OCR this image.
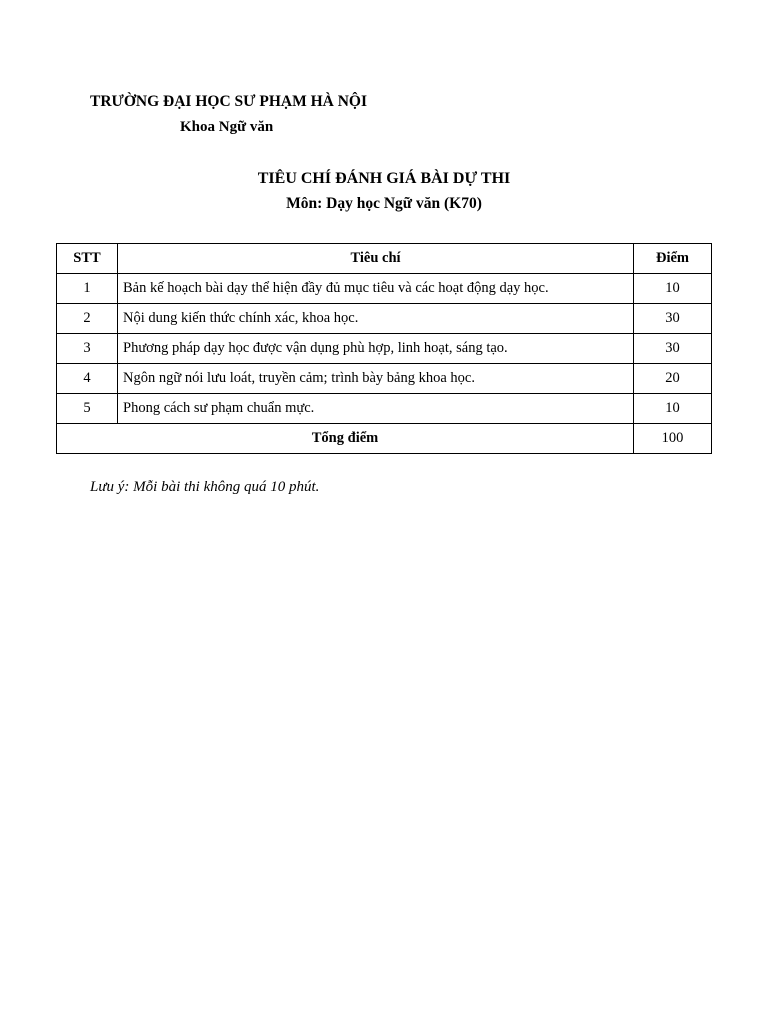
TRƯỜNG ĐẠI HỌC SƯ PHẠM HÀ NỘI
Khoa Ngữ văn
TIÊU CHÍ ĐÁNH GIÁ BÀI DỰ THI
Môn: Dạy học Ngữ văn (K70)
STT	Tiêu chí	Điểm
1	Bản kế hoạch bài dạy thể hiện đầy đủ mục tiêu và các hoạt động dạy học.	10
2	Nội dung kiến thức chính xác, khoa học.	30
3	Phương pháp dạy học được vận dụng phù hợp, linh hoạt, sáng tạo.	30
4	Ngôn ngữ nói lưu loát, truyền cảm; trình bày bảng khoa học.	20
5	Phong cách sư phạm chuẩn mực.	10
Tổng điểm		100
Lưu ý: Mỗi bài thi không quá 10 phút.
